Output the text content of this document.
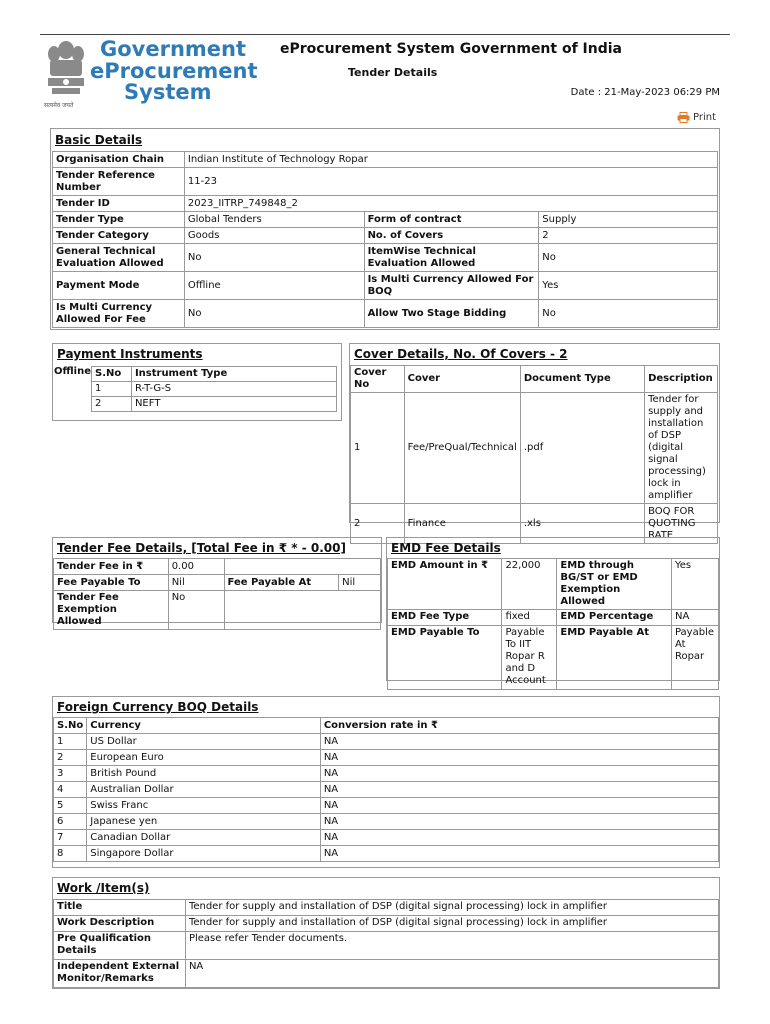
सत्यमेव जयते
Government
eProcurement
System
eProcurement System Government of India
Tender Details
Date : 21-May-2023 06:29 PM
Print
Basic Details
Organisation Chain	Indian Institute of Technology Ropar		
Tender Reference Number	11-23		
Tender ID	2023_IITRP_749848_2		
Tender Type	Global Tenders	Form of contract	Supply
Tender Category	Goods	No. of Covers	2
General Technical Evaluation Allowed	No	ItemWise Technical Evaluation Allowed	No
Payment Mode	Offline	Is Multi Currency Allowed For BOQ	Yes
Is Multi Currency Allowed For Fee	No	Allow Two Stage Bidding	No
Payment Instruments
Offline S.No	Instrument Type
1	R-T-G-S
2	NEFT
Cover Details, No. Of Covers - 2
Cover No	Cover	Document Type	Description
1	Fee/PreQual/Technical	.pdf	Tender for supply and installation of DSP (digital signal processing) lock in amplifier
2	Finance	.xls	BOQ FOR QUOTING RATE
Tender Fee Details, [Total Fee in ₹ * - 0.00]
Tender Fee in ₹	0.00		
Fee Payable To	Nil	Fee Payable At	Nil
Tender Fee Exemption Allowed	No		
EMD Fee Details
EMD Amount in ₹	22,000	EMD through BG/ST or EMD Exemption Allowed	Yes
EMD Fee Type	fixed	EMD Percentage	NA
EMD Payable To	Payable To IIT Ropar R and D Account	EMD Payable At	Payable At Ropar
Foreign Currency BOQ Details
S.No	Currency	Conversion rate in ₹
1	US Dollar	NA
2	European Euro	NA
3	British Pound	NA
4	Australian Dollar	NA
5	Swiss Franc	NA
6	Japanese yen	NA
7	Canadian Dollar	NA
8	Singapore Dollar	NA
Work /Item(s)
Title	Tender for supply and installation of DSP (digital signal processing) lock in amplifier
Work Description	Tender for supply and installation of DSP (digital signal processing) lock in amplifier
Pre Qualification Details	Please refer Tender documents.
Independent External Monitor/Remarks	NA
